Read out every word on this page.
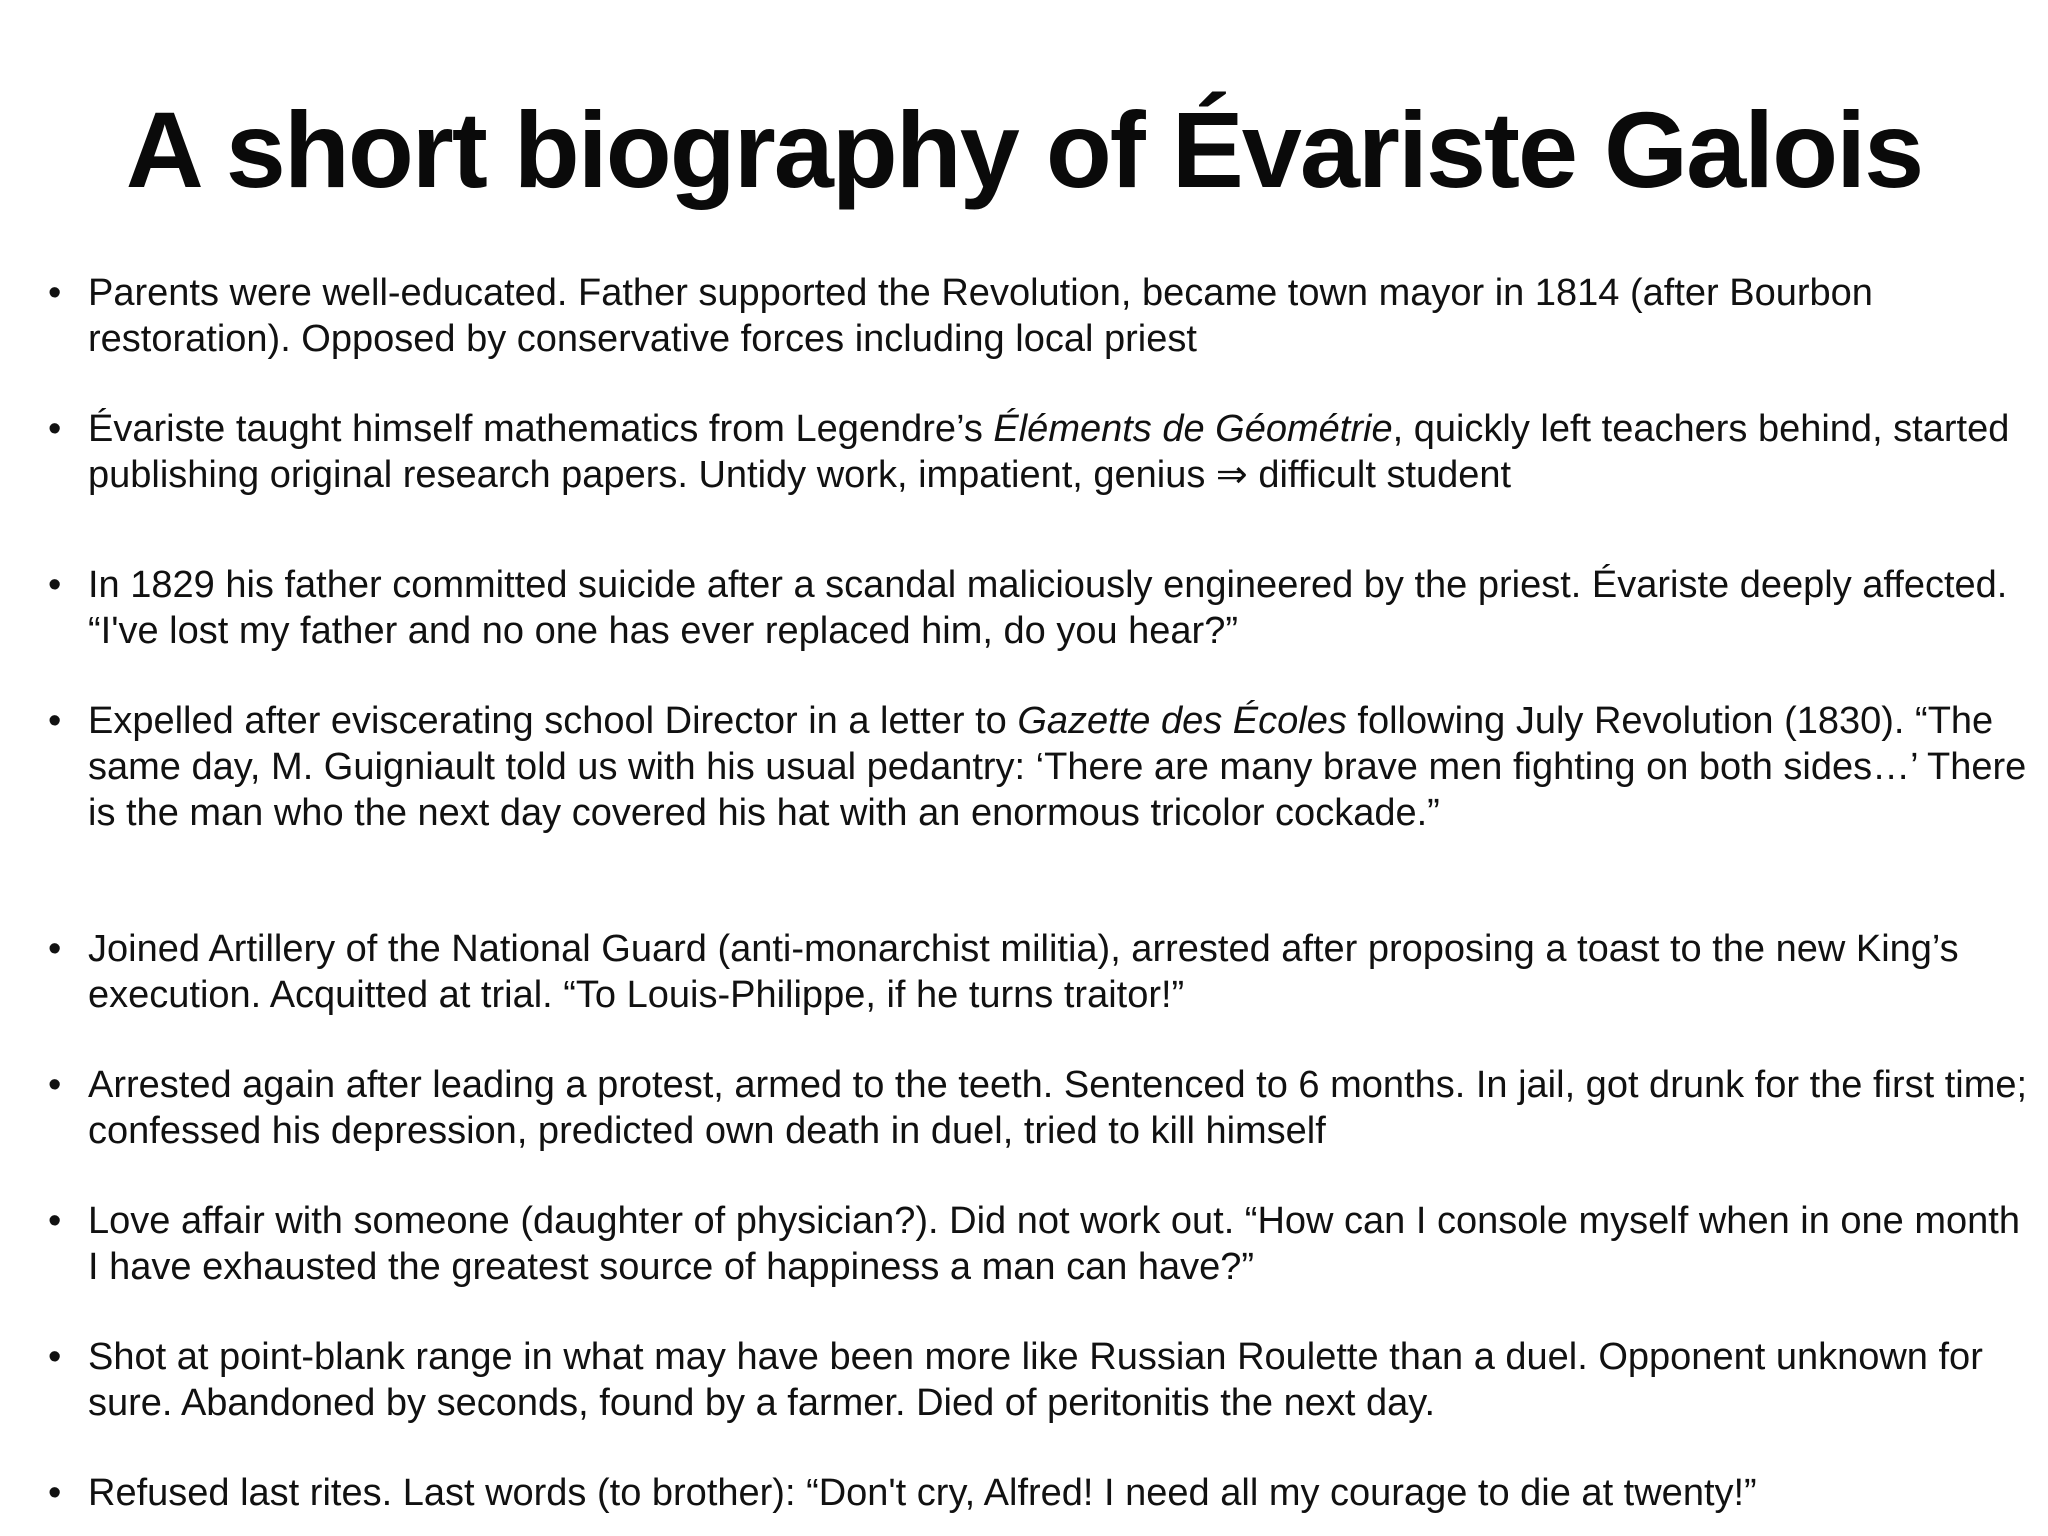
A short biography of Évariste Galois
• Parents were well-educated. Father supported the Revolution, became town mayor in 1814 (after Bourbon restoration). Opposed by conservative forces including local priest
• Évariste taught himself mathematics from Legendre’s Éléments de Géométrie, quickly left teachers behind, started publishing original research papers. Untidy work, impatient, genius ⇒ difficult student
• In 1829 his father committed suicide after a scandal maliciously engineered by the priest. Évariste deeply affected. “I've lost my father and no one has ever replaced him, do you hear?”
• Expelled after eviscerating school Director in a letter to Gazette des Écoles following July Revolution (1830). “The same day, M. Guigniault told us with his usual pedantry: ‘There are many brave men fighting on both sides…’ There is the man who the next day covered his hat with an enormous tricolor cockade.”
• Joined Artillery of the National Guard (anti-monarchist militia), arrested after proposing a toast to the new King’s execution. Acquitted at trial. “To Louis-Philippe, if he turns traitor!”
• Arrested again after leading a protest, armed to the teeth. Sentenced to 6 months. In jail, got drunk for the first time; confessed his depression, predicted own death in duel, tried to kill himself
• Love affair with someone (daughter of physician?). Did not work out. “How can I console myself when in one month I have exhausted the greatest source of happiness a man can have?”
• Shot at point-blank range in what may have been more like Russian Roulette than a duel. Opponent unknown for sure. Abandoned by seconds, found by a farmer. Died of peritonitis the next day.
• Refused last rites. Last words (to brother): “Don't cry, Alfred! I need all my courage to die at twenty!”
